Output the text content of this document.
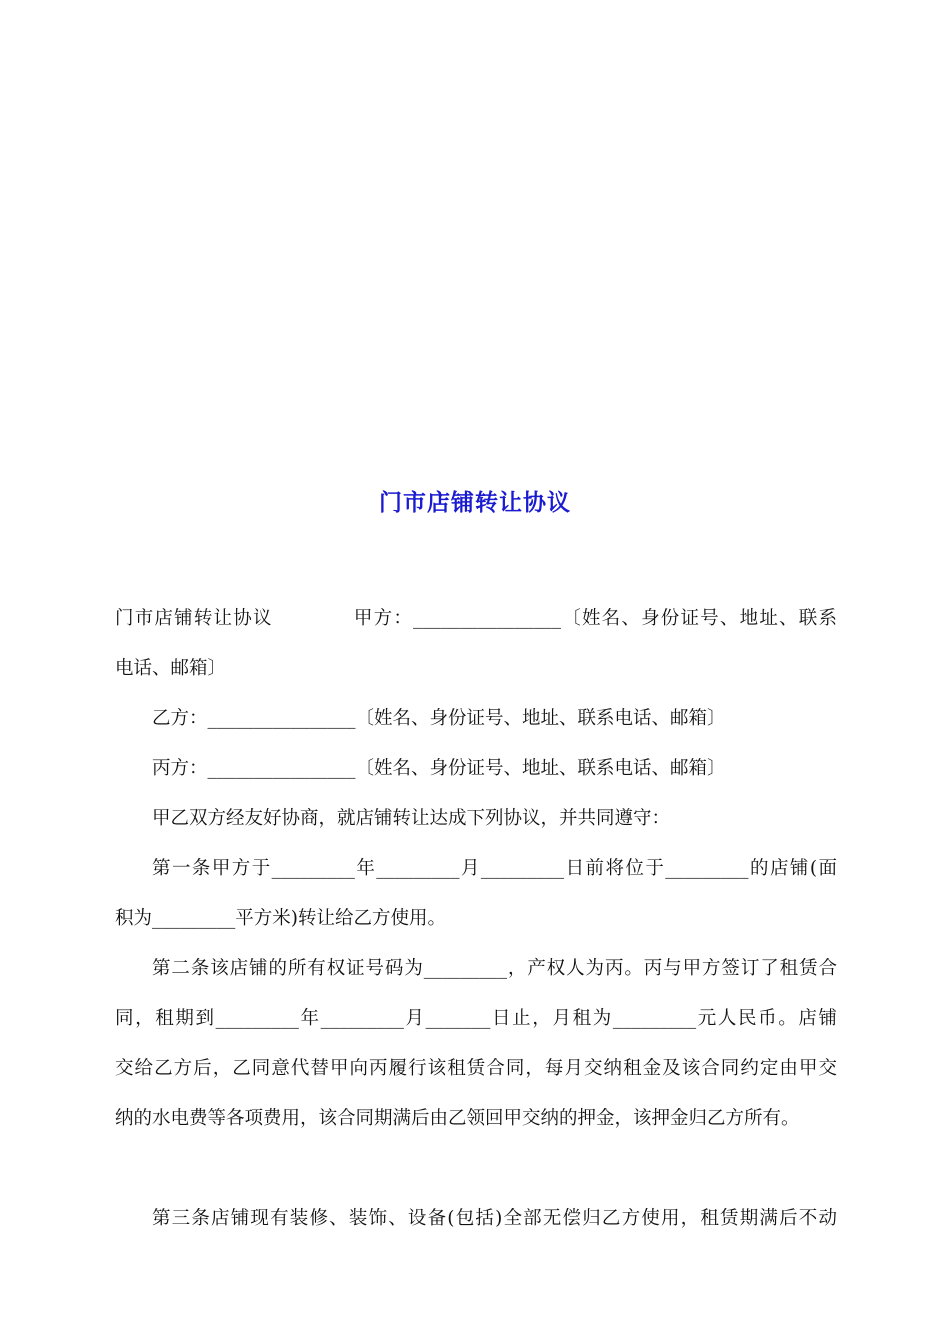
门市店铺转让协议
门市店铺转让协议	甲方：________________〔姓名、身份证号、地址、联系
电话、邮箱〕
乙方：________________〔姓名、身份证号、地址、联系电话、邮箱〕
丙方：________________〔姓名、身份证号、地址、联系电话、邮箱〕
甲乙双方经友好协商，就店铺转让达成下列协议，并共同遵守：
第一条甲方于_________年_________月_________日前将位于_________的店铺(面
积为_________平方米)转让给乙方使用。
第二条该店铺的所有权证号码为_________，产权人为丙。丙与甲方签订了租赁合
同，租期到_________年_________月_______日止，月租为_________元人民币。店铺
交给乙方后，乙同意代替甲向丙履行该租赁合同，每月交纳租金及该合同约定由甲交
纳的水电费等各项费用，该合同期满后由乙领回甲交纳的押金，该押金归乙方所有。
第三条店铺现有装修、装饰、设备(包括)全部无偿归乙方使用，租赁期满后不动
